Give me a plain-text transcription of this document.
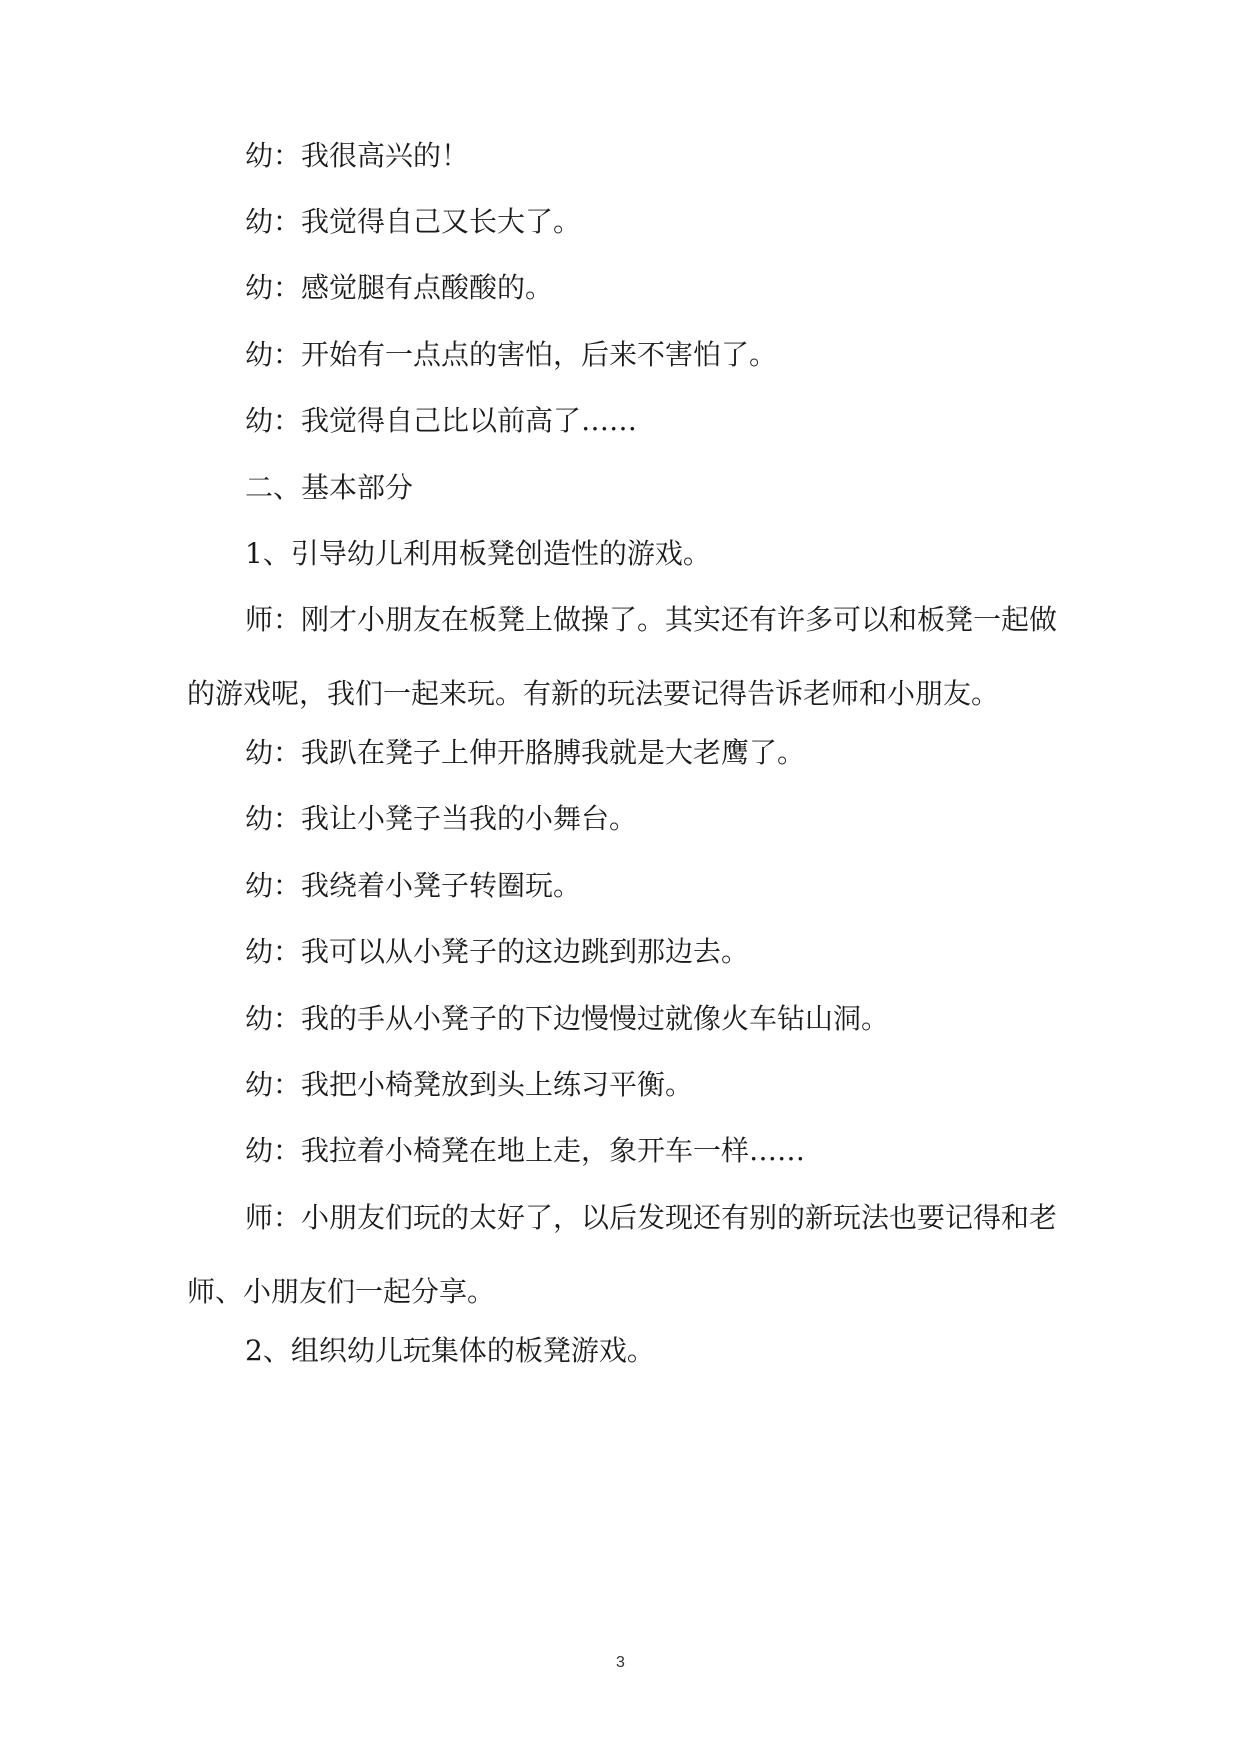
幼：我很高兴的！

幼：我觉得自己又长大了。

幼：感觉腿有点酸酸的。

幼：开始有一点点的害怕，后来不害怕了。

幼：我觉得自己比以前高了……

二、基本部分

1、引导幼儿利用板凳创造性的游戏。

师：刚才小朋友在板凳上做操了。其实还有许多可以和板凳一起做的游戏呢，我们一起来玩。有新的玩法要记得告诉老师和小朋友。

幼：我趴在凳子上伸开胳膊我就是大老鹰了。

幼：我让小凳子当我的小舞台。

幼：我绕着小凳子转圈玩。

幼：我可以从小凳子的这边跳到那边去。

幼：我的手从小凳子的下边慢慢过就像火车钻山洞。

幼：我把小椅凳放到头上练习平衡。

幼：我拉着小椅凳在地上走，象开车一样……

师：小朋友们玩的太好了，以后发现还有别的新玩法也要记得和老师、小朋友们一起分享。

2、组织幼儿玩集体的板凳游戏。

3
